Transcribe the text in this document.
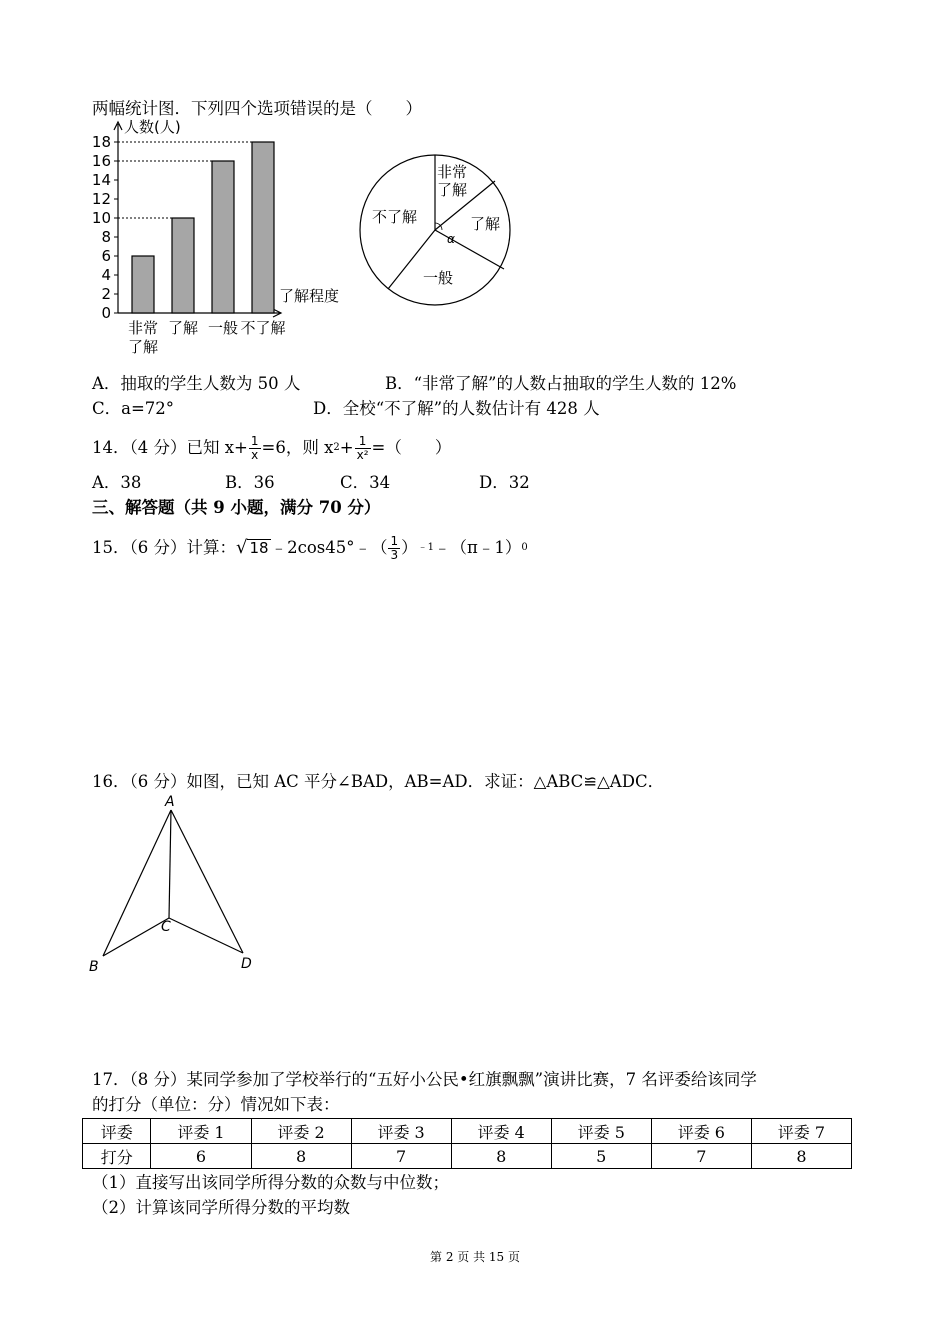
两幅统计图．下列四个选项错误的是（　　）
0
2
4
6
8
10
12
14
16
18
非常
了解
了解 一般 不了解
人数(人)
了解程度
非常
了解
了解
一般
不了解
α
A．抽取的学生人数为 50 人	B．“非常了解”的人数占抽取的学生人数的 12%
C．a=72°	D．全校“不了解”的人数估计有 428 人
14．（4 分）已知 $x+ \frac{1}{x} =6$，则 x $2 + \frac{1}{\text{x²}}$ =（　　）
A．38	B．36	C．34	D．32
三、解答题（共 9 小题，满分 70 分）
15．（6 分）计算： √ 18 ﹣2cos45°﹣（ $\frac{1}{3}$ ） ﹣1 ﹣（π﹣1） 0
16．（6 分）如图，已知 AC 平分∠BAD，AB=AD．求证：△ABC≌△ADC．
A
B
C
D
17．（8 分）某同学参加了学校举行的“五好小公民•红旗飘飘”演讲比赛，7 名评委给该同学
的打分（单位：分）情况如下表：
评委	评委 1	评委 2	评委 3	评委 4	评委 5	评委 6	评委 7
打分	6	8	7	8	5	7	8
（1）直接写出该同学所得分数的众数与中位数；
（2）计算该同学所得分数的平均数
第 2 页 共 15 页
